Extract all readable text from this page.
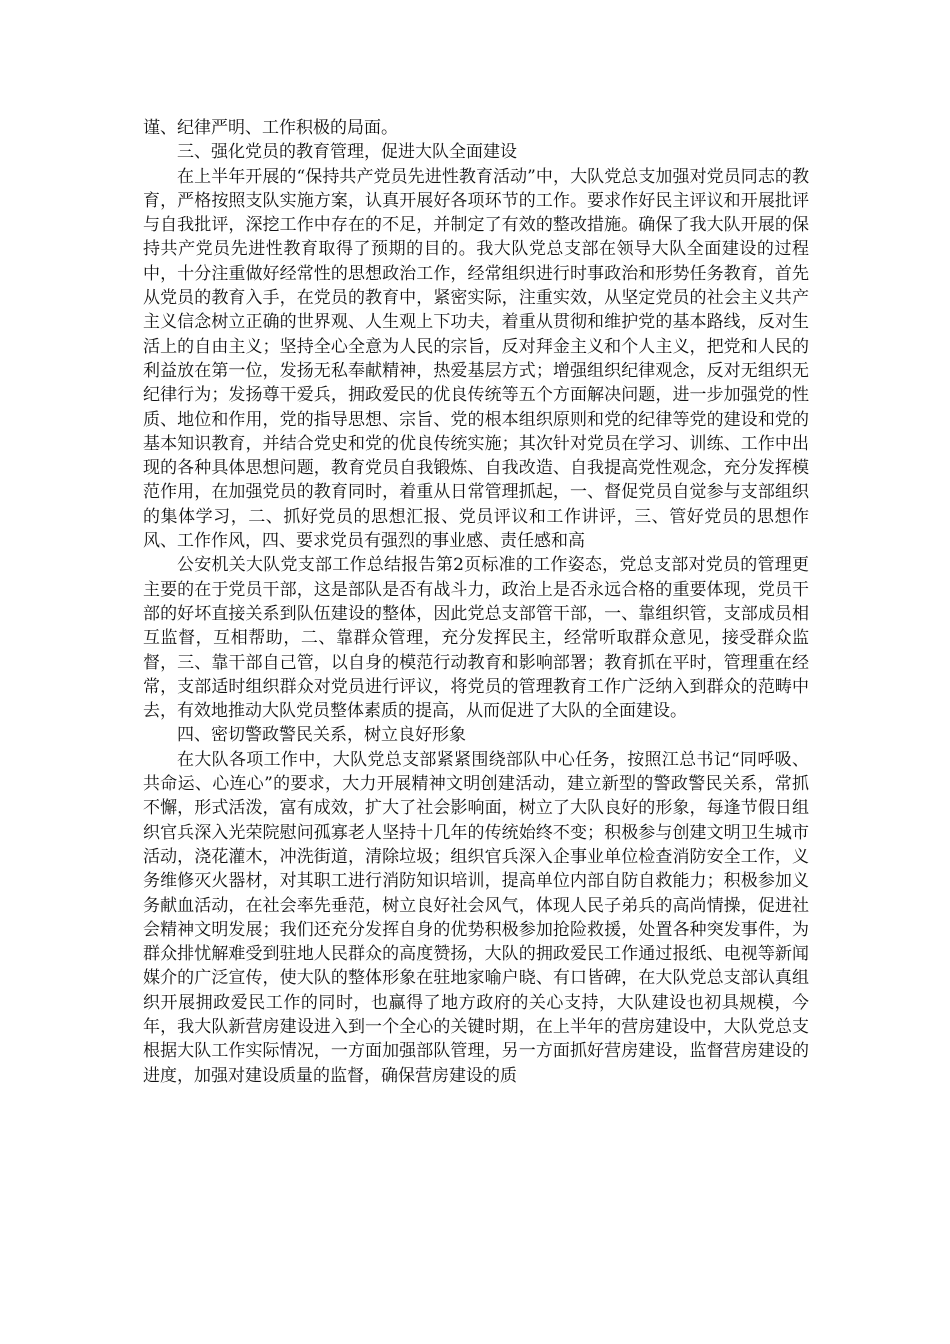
谨、纪律严明、工作积极的局面。

三、强化党员的教育管理，促进大队全面建设

在上半年开展的“保持共产党员先进性教育活动”中，大队党总支加强对党员同志的教育，严格按照支队实施方案，认真开展好各项环节的工作。要求作好民主评议和开展批评与自我批评，深挖工作中存在的不足，并制定了有效的整改措施。确保了我大队开展的保持共产党员先进性教育取得了预期的目的。我大队党总支部在领导大队全面建设的过程中，十分注重做好经常性的思想政治工作，经常组织进行时事政治和形势任务教育，首先从党员的教育入手，在党员的教育中，紧密实际，注重实效，从坚定党员的社会主义共产主义信念树立正确的世界观、人生观上下功夫，着重从贯彻和维护党的基本路线，反对生活上的自由主义；坚持全心全意为人民的宗旨，反对拜金主义和个人主义，把党和人民的利益放在第一位，发扬无私奉献精神，热爱基层方式；增强组织纪律观念，反对无组织无纪律行为；发扬尊干爱兵，拥政爱民的优良传统等五个方面解决问题，进一步加强党的性质、地位和作用，党的指导思想、宗旨、党的根本组织原则和党的纪律等党的建设和党的基本知识教育，并结合党史和党的优良传统实施；其次针对党员在学习、训练、工作中出现的各种具体思想问题，教育党员自我锻炼、自我改造、自我提高党性观念，充分发挥模范作用，在加强党员的教育同时，着重从日常管理抓起，一、督促党员自觉参与支部组织的集体学习，二、抓好党员的思想汇报、党员评议和工作讲评，三、管好党员的思想作风、工作作风，四、要求党员有强烈的事业感、责任感和高

公安机关大队党支部工作总结报告第2页标准的工作姿态，党总支部对党员的管理更主要的在于党员干部，这是部队是否有战斗力，政治上是否永远合格的重要体现，党员干部的好坏直接关系到队伍建设的整体，因此党总支部管干部，一、靠组织管，支部成员相互监督，互相帮助，二、靠群众管理，充分发挥民主，经常听取群众意见，接受群众监督，三、靠干部自己管，以自身的模范行动教育和影响部署；教育抓在平时，管理重在经常，支部适时组织群众对党员进行评议，将党员的管理教育工作广泛纳入到群众的范畴中去，有效地推动大队党员整体素质的提高，从而促进了大队的全面建设。

四、密切警政警民关系，树立良好形象

在大队各项工作中，大队党总支部紧紧围绕部队中心任务，按照江总书记“同呼吸、共命运、心连心”的要求，大力开展精神文明创建活动，建立新型的警政警民关系，常抓不懈，形式活泼，富有成效，扩大了社会影响面，树立了大队良好的形象，每逢节假日组织官兵深入光荣院慰问孤寡老人坚持十几年的传统始终不变；积极参与创建文明卫生城市活动，浇花灌木，冲洗街道，清除垃圾；组织官兵深入企事业单位检查消防安全工作，义务维修灭火器材，对其职工进行消防知识培训，提高单位内部自防自救能力；积极参加义务献血活动，在社会率先垂范，树立良好社会风气，体现人民子弟兵的高尚情操，促进社会精神文明发展；我们还充分发挥自身的优势积极参加抢险救援，处置各种突发事件，为群众排忧解难受到驻地人民群众的高度赞扬，大队的拥政爱民工作通过报纸、电视等新闻媒介的广泛宣传，使大队的整体形象在驻地家喻户晓、有口皆碑，在大队党总支部认真组织开展拥政爱民工作的同时，也赢得了地方政府的关心支持，大队建设也初具规模，今年，我大队新营房建设进入到一个全心的关键时期，在上半年的营房建设中，大队党总支根据大队工作实际情况，一方面加强部队管理，另一方面抓好营房建设，监督营房建设的进度，加强对建设质量的监督，确保营房建设的质
